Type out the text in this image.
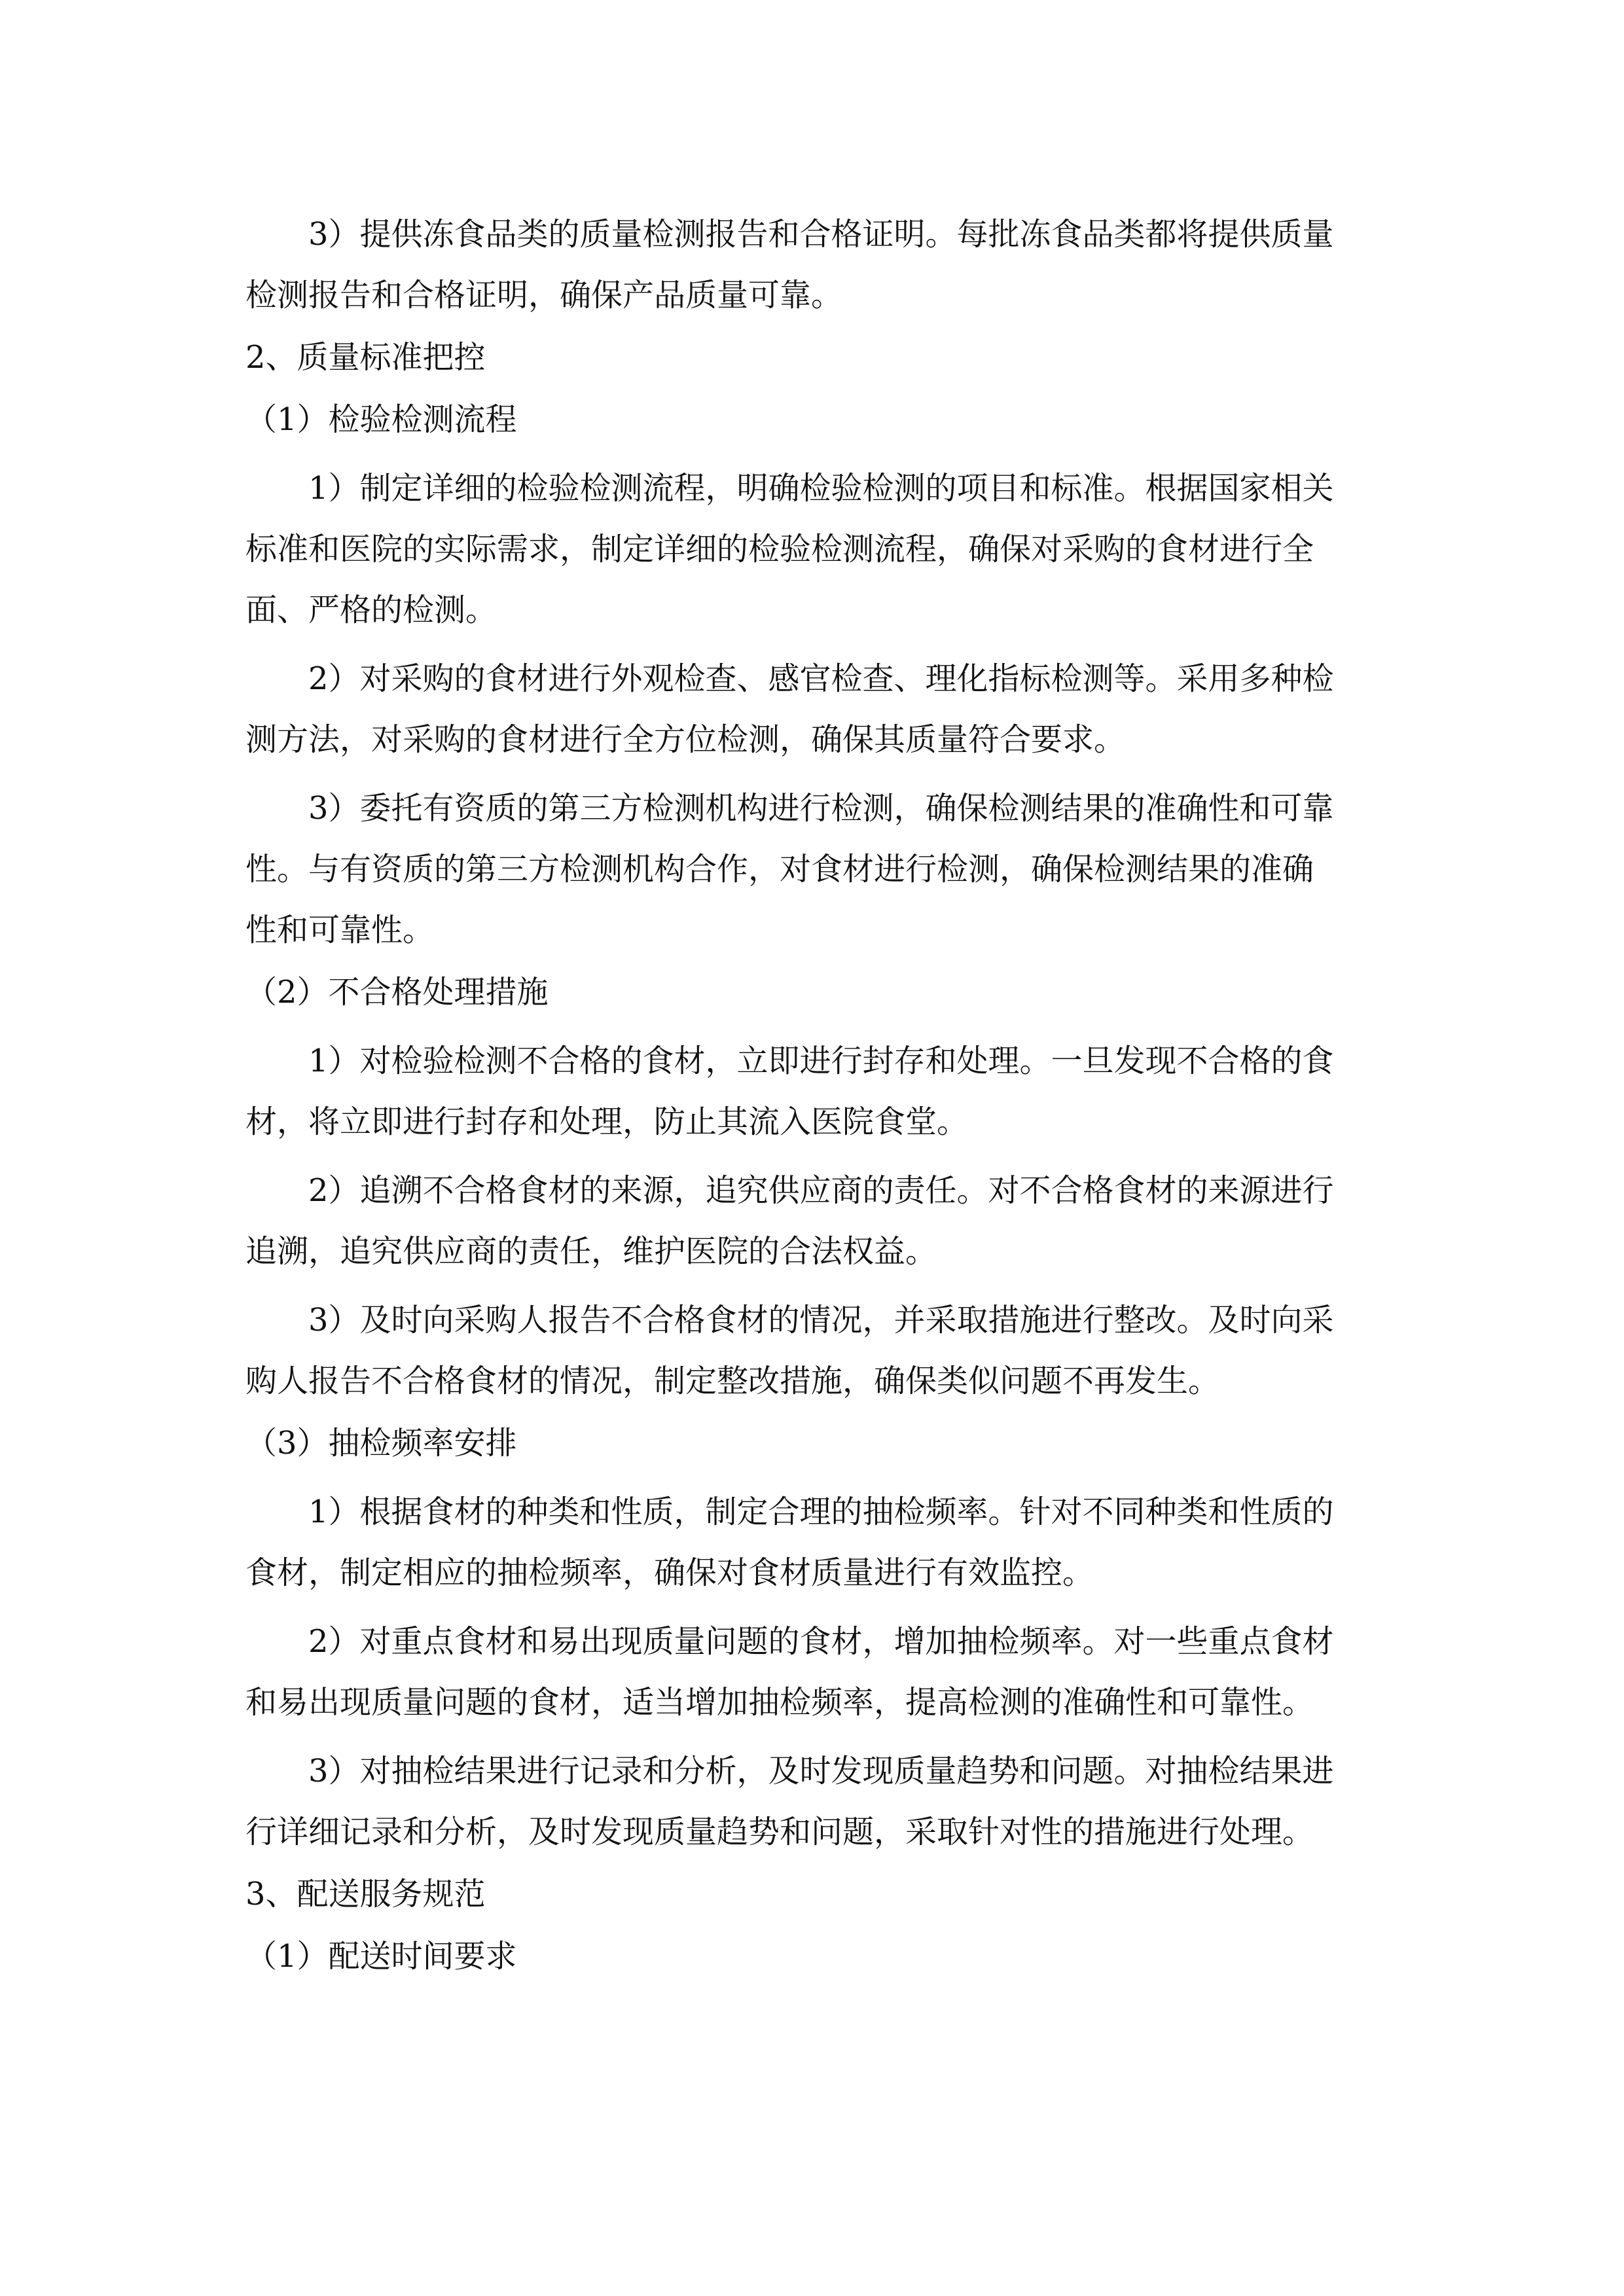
3）提供冻食品类的质量检测报告和合格证明。每批冻食品类都将提供质量
检测报告和合格证明，确保产品质量可靠。
2、质量标准把控
（1）检验检测流程
1）制定详细的检验检测流程，明确检验检测的项目和标准。根据国家相关
标准和医院的实际需求，制定详细的检验检测流程，确保对采购的食材进行全
面、严格的检测。
2）对采购的食材进行外观检查、感官检查、理化指标检测等。采用多种检
测方法，对采购的食材进行全方位检测，确保其质量符合要求。
3）委托有资质的第三方检测机构进行检测，确保检测结果的准确性和可靠
性。与有资质的第三方检测机构合作，对食材进行检测，确保检测结果的准确
性和可靠性。
（2）不合格处理措施
1）对检验检测不合格的食材，立即进行封存和处理。一旦发现不合格的食
材，将立即进行封存和处理，防止其流入医院食堂。
2）追溯不合格食材的来源，追究供应商的责任。对不合格食材的来源进行
追溯，追究供应商的责任，维护医院的合法权益。
3）及时向采购人报告不合格食材的情况，并采取措施进行整改。及时向采
购人报告不合格食材的情况，制定整改措施，确保类似问题不再发生。
（3）抽检频率安排
1）根据食材的种类和性质，制定合理的抽检频率。针对不同种类和性质的
食材，制定相应的抽检频率，确保对食材质量进行有效监控。
2）对重点食材和易出现质量问题的食材，增加抽检频率。对一些重点食材
和易出现质量问题的食材，适当增加抽检频率，提高检测的准确性和可靠性。
3）对抽检结果进行记录和分析，及时发现质量趋势和问题。对抽检结果进
行详细记录和分析，及时发现质量趋势和问题，采取针对性的措施进行处理。
3、配送服务规范
（1）配送时间要求
